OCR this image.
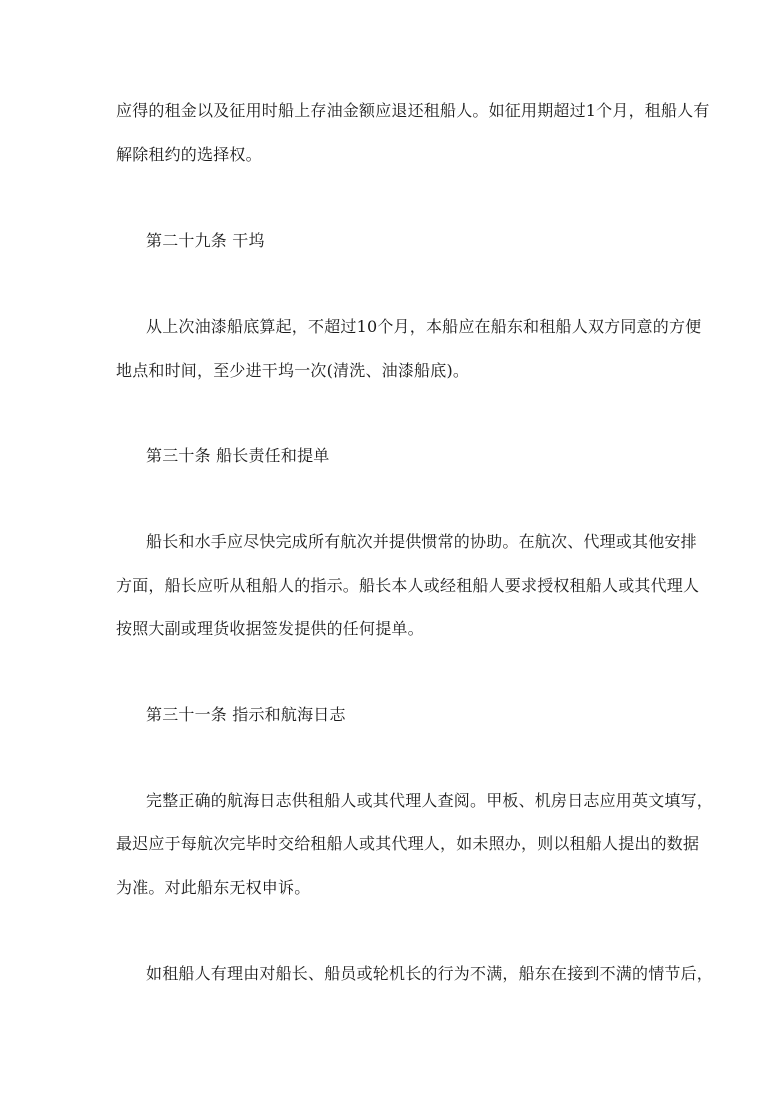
应得的租金以及征用时船上存油金额应退还租船人。如征用期超过1个月，租船人有
解除租约的选择权。
第二十九条 干坞
从上次油漆船底算起，不超过10个月，本船应在船东和租船人双方同意的方便
地点和时间，至少进干坞一次(清洗、油漆船底)。
第三十条 船长责任和提单
船长和水手应尽快完成所有航次并提供惯常的协助。在航次、代理或其他安排
方面，船长应听从租船人的指示。船长本人或经租船人要求授权租船人或其代理人
按照大副或理货收据签发提供的任何提单。
第三十一条 指示和航海日志
完整正确的航海日志供租船人或其代理人查阅。甲板、机房日志应用英文填写，
最迟应于每航次完毕时交给租船人或其代理人，如未照办，则以租船人提出的数据
为准。对此船东无权申诉。
如租船人有理由对船长、船员或轮机长的行为不满，船东在接到不满的情节后，
